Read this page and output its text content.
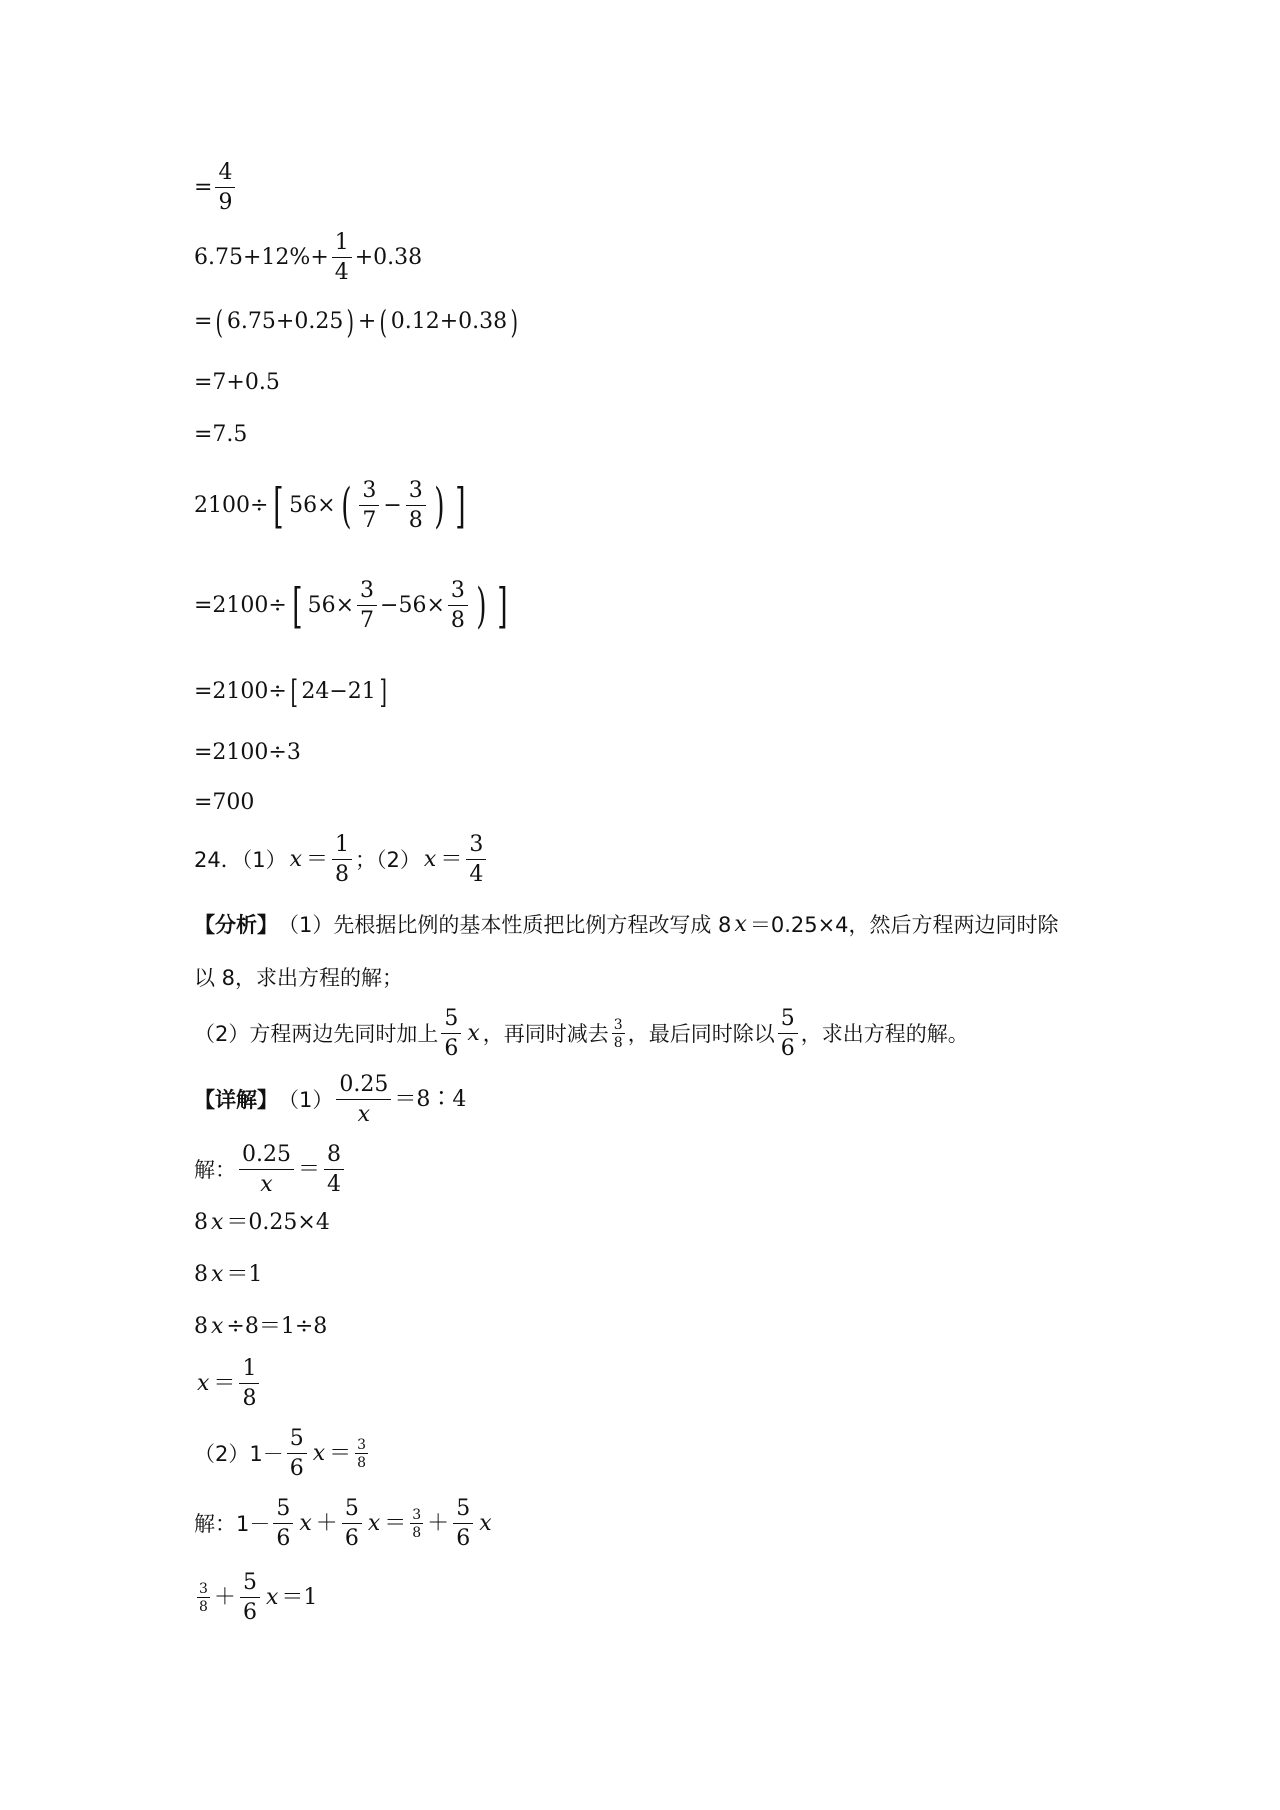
= $\frac{4}{9}$
$6.75+12\%+ \frac{1}{4} +0.38$
= ( 6.75+0.25 ) + ( 0.12+0.38 )
=7+0.5
=7.5
2100÷ [ 56× ( $\frac{3}{7} - \frac{3}{8}$ ) ]
=2100÷ [ $56\times \frac{3}{7} -56\times \frac{3}{8}$ ) ]
=2100÷ [ 24−21 ]
=2100÷3
=700
24．（1） $x = \frac{1}{8}$ ；（2） $x = \frac{3}{4}$
【分析】 （1）先根据比例的基本性质把比例方程改写成 8 x ＝0.25×4，然后方程两边同时除
以 8，求出方程的解；
（2）方程两边先同时加上 $\frac{5}{6}$ x ，再同时减去 $\frac{3}{8}$ ，最后同时除以 $\frac{5}{6}$ ，求出方程的解。
【详解】 $(1) \frac{0.25}{x}$ ＝8∶4
解： $\frac{0.25}{x} = \frac{8}{4}$
8 x ＝0.25×4
8 x ＝1
8 x ÷8＝1÷8
$x = \frac{1}{8}$
$(2)1- \frac{5}{6}$ $x = \frac{3}{8}$
解：$1- \frac{5}{6}$ $x + \frac{5}{6}$ $x = \frac{3}{8} + \frac{5}{6}$ x
$\frac{3}{8} + \frac{5}{6}$ x ＝1
